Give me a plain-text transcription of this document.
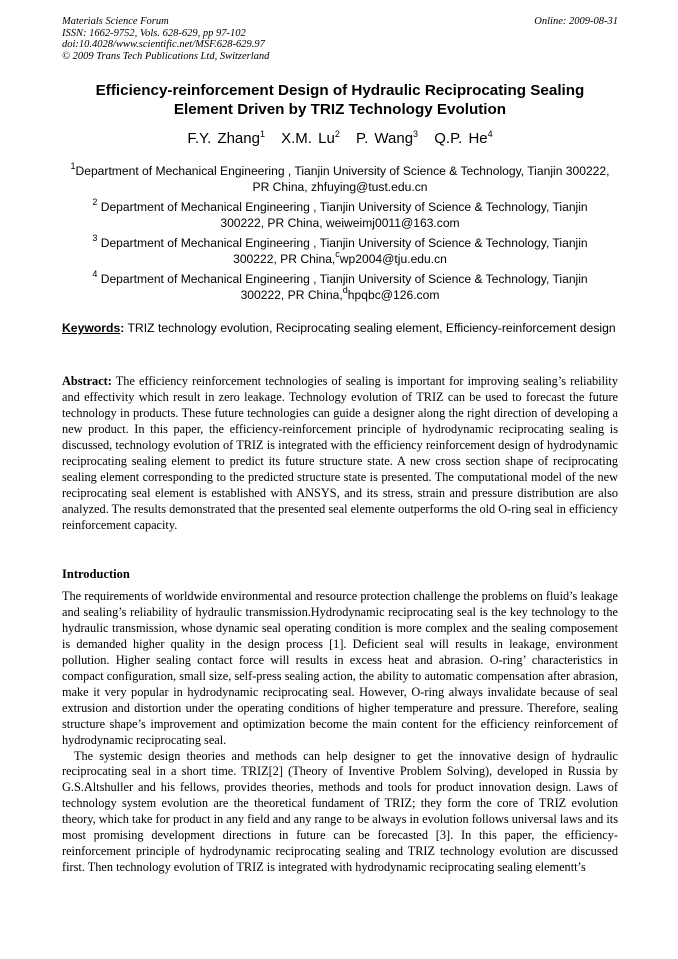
Materials Science Forum
ISSN: 1662-9752, Vols. 628-629, pp 97-102
doi:10.4028/www.scientific.net/MSF.628-629.97
© 2009 Trans Tech Publications Ltd, Switzerland
Online: 2009-08-31
Efficiency-reinforcement Design of Hydraulic Reciprocating Sealing
Element Driven by TRIZ Technology Evolution
F.Y. Zhang$^1$ X.M. Lu$^2$ P. Wang$^3$ Q.P. He$^4$
$^1$Department of Mechanical Engineering , Tianjin University of Science & Technology, Tianjin 300222, PR China, zhfuying@tust.edu.cn
$^2$ Department of Mechanical Engineering , Tianjin University of Science & Technology, Tianjin 300222, PR China, weiweimj0011@163.com
$^3$ Department of Mechanical Engineering , Tianjin University of Science & Technology, Tianjin 300222, PR China,$^c$wp2004@tju.edu.cn
$^4$ Department of Mechanical Engineering , Tianjin University of Science & Technology, Tianjin 300222, PR China,$^d$hpqbc@126.com
Keywords: TRIZ technology evolution, Reciprocating sealing element, Efficiency-reinforcement design
Abstract: The efficiency reinforcement technologies of sealing is important for improving sealing’s reliability and effectivity which result in zero leakage. Technology evolution of TRIZ can be used to forecast the future technology in products. These future technologies can guide a designer along the right direction of developing a new product. In this paper, the efficiency-reinforcement principle of hydrodynamic reciprocating sealing is discussed, technology evolution of TRIZ is integrated with the efficiency reinforcement design of hydrodynamic reciprocating sealing element to predict its future structure state. A new cross section shape of reciprocating sealing element corresponding to the predicted structure state is presented. The computational model of the new reciprocating seal element is established with ANSYS, and its stress, strain and pressure distribution are also analyzed. The results demonstrated that the presented seal elemente outperforms the old O-ring seal in efficiency reinforcement capacity.
Introduction

The requirements of worldwide environmental and resource protection challenge the problems on fluid’s leakage and sealing’s reliability of hydraulic transmission.Hydrodynamic reciprocating seal is the key technology to the hydraulic transmission, whose dynamic seal operating condition is more complex and the sealing composement is demanded higher quality in the design process [1]. Deficient seal will results in leakage, environment pollution. Higher sealing contact force will results in excess heat and abrasion. O-ring’ characteristics in compact configuration, small size, self-press sealing action, the ability to automatic compensation after abrasion, make it very popular in hydrodynamic reciprocating seal. However, O-ring always invalidate because of seal extrusion and distortion under the operating conditions of higher temperature and pressure. Therefore, sealing structure shape’s improvement and optimization become the main content for the efficiency reinforcement of hydrodynamic reciprocating seal.

The systemic design theories and methods can help designer to get the innovative design of hydraulic reciprocating seal in a short time. TRIZ[2] (Theory of Inventive Problem Solving), developed in Russia by G.S.Altshuller and his fellows, provides theories, methods and tools for product innovation design. Laws of technology system evolution are the theoretical fundament of TRIZ; they form the core of TRIZ evolution theory, which take for product in any field and any range to be always in evolution follows universal laws and its most promising development directions in future can be forecasted [3]. In this paper, the efficiency-reinforcement principle of hydrodynamic reciprocating sealing and TRIZ technology evolution are discussed first. Then technology evolution of TRIZ is integrated with hydrodynamic reciprocating sealing elementt’s
